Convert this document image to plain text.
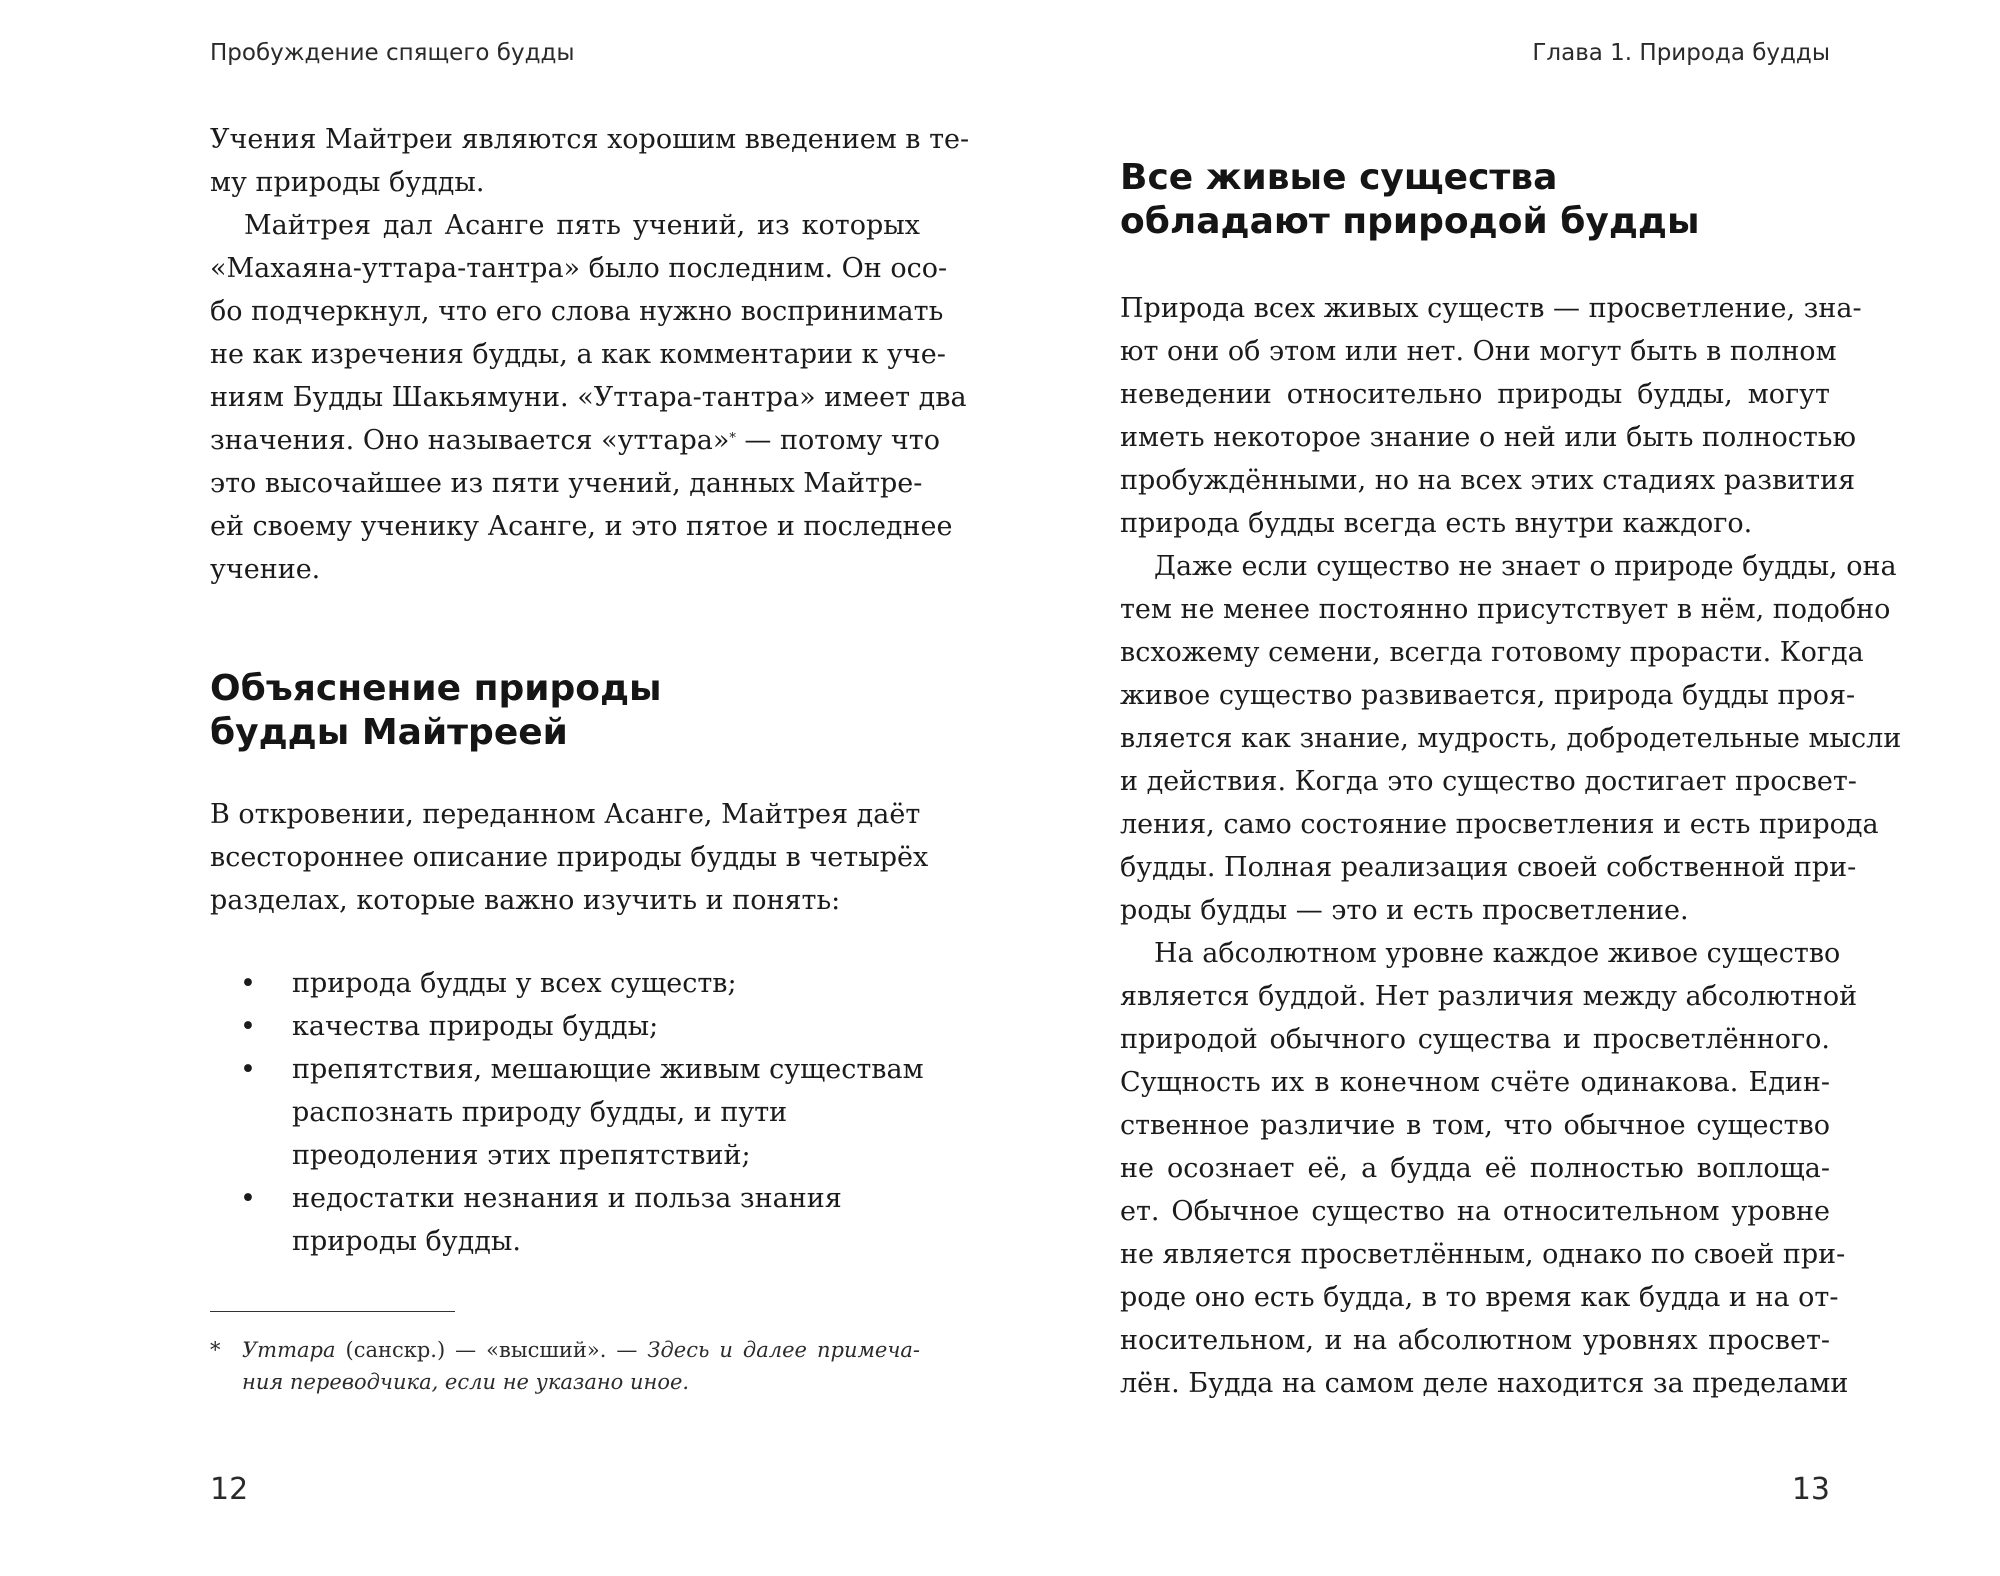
Пробуждение спящего будды
Учения Майтреи являются хорошим введением в те-
му природы будды.
Майтрея дал Асанге пять учений, из которых
«Махаяна-уттара-тантра» было последним. Он осо-
бо подчеркнул, что его слова нужно воспринимать
не как изречения будды, а как комментарии к уче-
ниям Будды Шакьямуни. «Уттара-тантра» имеет два
значения. Оно называется «уттара»* — потому что
это высочайшее из пяти учений, данных Майтре-
ей своему ученику Асанге, и это пятое и последнее
учение.
Объяснение природы
будды Майтреей
В откровении, переданном Асанге, Майтрея даёт
всестороннее описание природы будды в четырёх
разделах, которые важно изучить и понять:
• природа будды у всех существ;
• качества природы будды;
• препятствия, мешающие живым существам
распознать природу будды, и пути
преодоления этих препятствий;
• недостатки незнания и польза знания
природы будды.
* Уттара (санскр.) — «высший». — Здесь и далее примеча-
ния переводчика, если не указано иное.
12
Глава 1. Природа будды
Все живые существа
обладают природой будды
Природа всех живых существ — просветление, зна-
ют они об этом или нет. Они могут быть в полном
неведении относительно природы будды, могут
иметь некоторое знание о ней или быть полностью
пробуждёнными, но на всех этих стадиях развития
природа будды всегда есть внутри каждого.
Даже если существо не знает о природе будды, она
тем не менее постоянно присутствует в нём, подобно
всхожему семени, всегда готовому прорасти. Когда
живое существо развивается, природа будды проя-
вляется как знание, мудрость, добродетельные мысли
и действия. Когда это существо достигает просвет-
ления, само состояние просветления и есть природа
будды. Полная реализация своей собственной при-
роды будды — это и есть просветление.
На абсолютном уровне каждое живое существо
является буддой. Нет различия между абсолютной
природой обычного существа и просветлённого.
Сущность их в конечном счёте одинакова. Един-
ственное различие в том, что обычное существо
не осознает её, а будда её полностью воплоща-
ет. Обычное существо на относительном уровне
не является просветлённым, однако по своей при-
роде оно есть будда, в то время как будда и на от-
носительном, и на абсолютном уровнях просвет-
лён. Будда на самом деле находится за пределами
13
